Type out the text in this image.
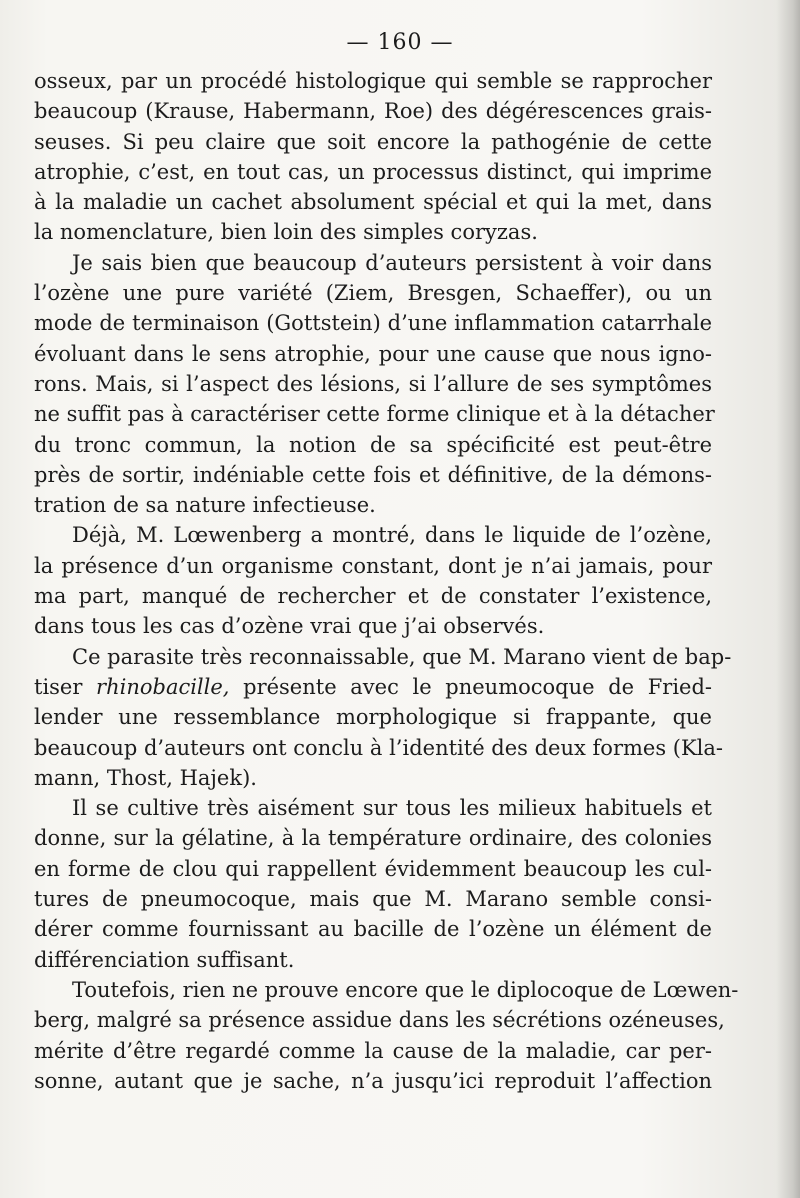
— 160 —
osseux, par un procédé histologique qui semble se rapprocher
beaucoup (Krause, Habermann, Roe) des dégérescences grais-
seuses. Si peu claire que soit encore la pathogénie de cette
atrophie, c’est, en tout cas, un processus distinct, qui imprime
à la maladie un cachet absolument spécial et qui la met, dans
la nomenclature, bien loin des simples coryzas.
Je sais bien que beaucoup d’auteurs persistent à voir dans
l’ozène une pure variété (Ziem, Bresgen, Schaeffer), ou un
mode de terminaison (Gottstein) d’une inflammation catarrhale
évoluant dans le sens atrophie, pour une cause que nous igno-
rons. Mais, si l’aspect des lésions, si l’allure de ses symptômes
ne suffit pas à caractériser cette forme clinique et à la détacher
du tronc commun, la notion de sa spécificité est peut-être
près de sortir, indéniable cette fois et définitive, de la démons-
tration de sa nature infectieuse.
Déjà, M. Lœwenberg a montré, dans le liquide de l’ozène,
la présence d’un organisme constant, dont je n’ai jamais, pour
ma part, manqué de rechercher et de constater l’existence,
dans tous les cas d’ozène vrai que j’ai observés.
Ce parasite très reconnaissable, que M. Marano vient de bap-
tiser rhinobacille, présente avec le pneumocoque de Fried-
lender une ressemblance morphologique si frappante, que
beaucoup d’auteurs ont conclu à l’identité des deux formes (Kla-
mann, Thost, Hajek).
Il se cultive très aisément sur tous les milieux habituels et
donne, sur la gélatine, à la température ordinaire, des colonies
en forme de clou qui rappellent évidemment beaucoup les cul-
tures de pneumocoque, mais que M. Marano semble consi-
dérer comme fournissant au bacille de l’ozène un élément de
différenciation suffisant.
Toutefois, rien ne prouve encore que le diplocoque de Lœwen-
berg, malgré sa présence assidue dans les sécrétions ozéneuses,
mérite d’être regardé comme la cause de la maladie, car per-
sonne, autant que je sache, n’a jusqu’ici reproduit l’affection
